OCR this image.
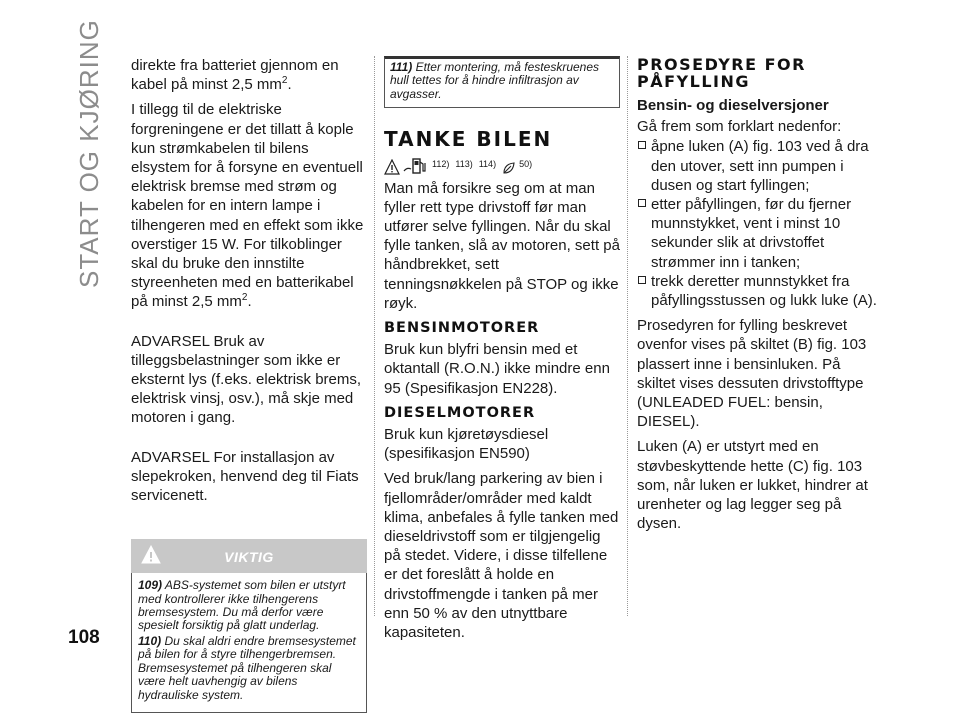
START OG KJØRING direkte fra batteriet gjennom en kabel på minst 2,5 $mm^2$.

I tillegg til de elektriske forgreningene er det tillatt å kople kun strømkabelen til bilens elsystem for å forsyne en eventuell elektrisk bremse med strøm og kabelen for en intern lampe i tilhengeren med en effekt som ikke overstiger 15 W. For tilkoblinger skal du bruke den innstilte styreenheten med en batterikabel på minst 2,5 $mm^2$.

ADVARSEL Bruk av tilleggsbelastninger som ikke er eksternt lys (f.eks. elektrisk brems, elektrisk vinsj, osv.), må skje med motoren i gang.

ADVARSEL For installasjon av slepekroken, henvend deg til Fiats servicenett.

VIKTIG
109) ABS-systemet som bilen er utstyrt med kontrollerer ikke tilhengerens bremsesystem. Du må derfor være spesielt forsiktig på glatt underlag.
110) Du skal aldri endre bremsesystemet på bilen for å styre tilhengerbremsen. Bremsesystemet på tilhengeren skal være helt uavhengig av bilens hydrauliske system.
111) Etter montering, må festeskruenes hull tettes for å hindre infiltrasjon av avgasser.
TANKE BILEN
112) 113) 114)	50)

Man må forsikre seg om at man fyller rett type drivstoff før man utfører selve fyllingen. Når du skal fylle tanken, slå av motoren, sett på håndbrekket, sett tenningsnøkkelen på STOP og ikke røyk.

BENSINMOTORER

Bruk kun blyfri bensin med et oktantall (R.O.N.) ikke mindre enn 95 (Spesifikasjon EN228).

DIESELMOTORER

Bruk kun kjøretøysdiesel (spesifikasjon EN590)

Ved bruk/lang parkering av bien i fjellområder/områder med kaldt klima, anbefales å fylle tanken med dieseldrivstoff som er tilgjengelig på stedet. Videre, i disse tilfellene er det foreslått å holde en drivstoffmengde i tanken på mer enn 50 % av den utnyttbare kapasiteten.

PROSEDYRE FOR PÅFYLLING
Bensin- og dieselversjoner

Gå frem som forklart nedenfor:

åpne luken (A) fig. 103 ved å dra den utover, sett inn pumpen i dusen og start fyllingen;
etter påfyllingen, før du fjerner munnstykket, vent i minst 10 sekunder slik at drivstoffet strømmer inn i tanken;
trekk deretter munnstykket fra påfyllingsstussen og lukk luke (A).

Prosedyren for fylling beskrevet ovenfor vises på skiltet (B) fig. 103 plassert inne i bensinluken. På skiltet vises dessuten drivstofftype (UNLEADED FUEL: bensin, DIESEL).

Luken (A) er utstyrt med en støvbeskyttende hette (C) fig. 103 som, når luken er lukket, hindrer at urenheter og lag legger seg på dysen.

108
